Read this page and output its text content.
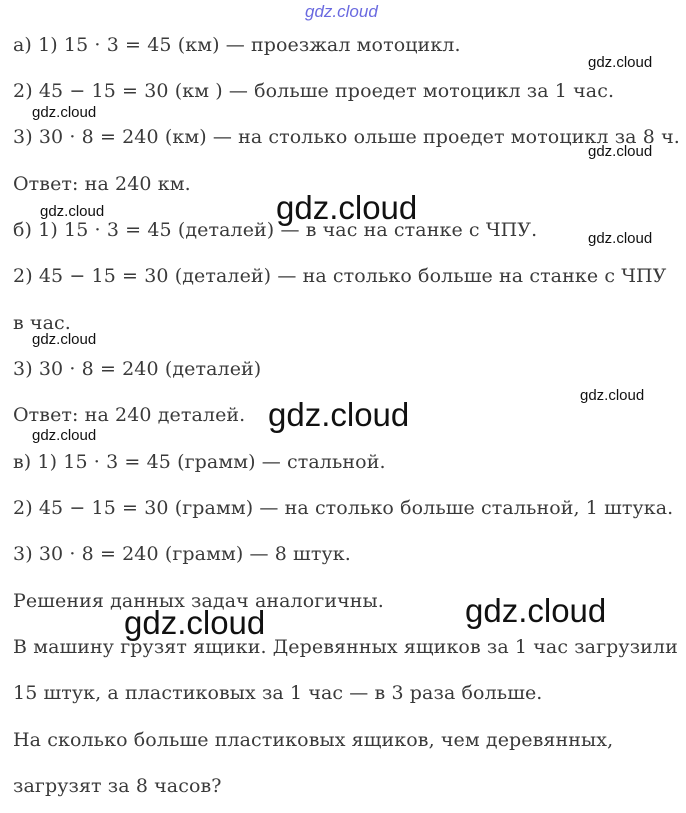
а) 1) 15 · 3 = 45 (км) — проезжал мотоцикл.
2) 45 − 15 = 30 (км ) — больше проедет мотоцикл за 1 час.
3) 30 · 8 = 240 (км) — на столько ольше проедет мотоцикл за 8 ч.
Ответ: на 240 км.
б) 1) 15 · 3 = 45 (деталей) — в час на станке с ЧПУ.
2) 45 − 15 = 30 (деталей) — на столько больше на станке с ЧПУ
в час.
3) 30 · 8 = 240 (деталей)
Ответ: на 240 деталей.
в) 1) 15 · 3 = 45 (грамм) — стальной.
2) 45 − 15 = 30 (грамм) — на столько больше стальной, 1 штука.
3) 30 · 8 = 240 (грамм) — 8 штук.
Решения данных задач аналогичны.
В машину грузят ящики. Деревянных ящиков за 1 час загрузили
15 штук, а пластиковых за 1 час — в 3 раза больше.
На сколько больше пластиковых ящиков, чем деревянных,
загрузят за 8 часов?
gdz.cloud
gdz.cloud
gdz.cloud
gdz.cloud
gdz.cloud
gdz.cloud
gdz.cloud
gdz.cloud
gdz.cloud
gdz.cloud
gdz.cloud
gdz.cloud
gdz.cloud
